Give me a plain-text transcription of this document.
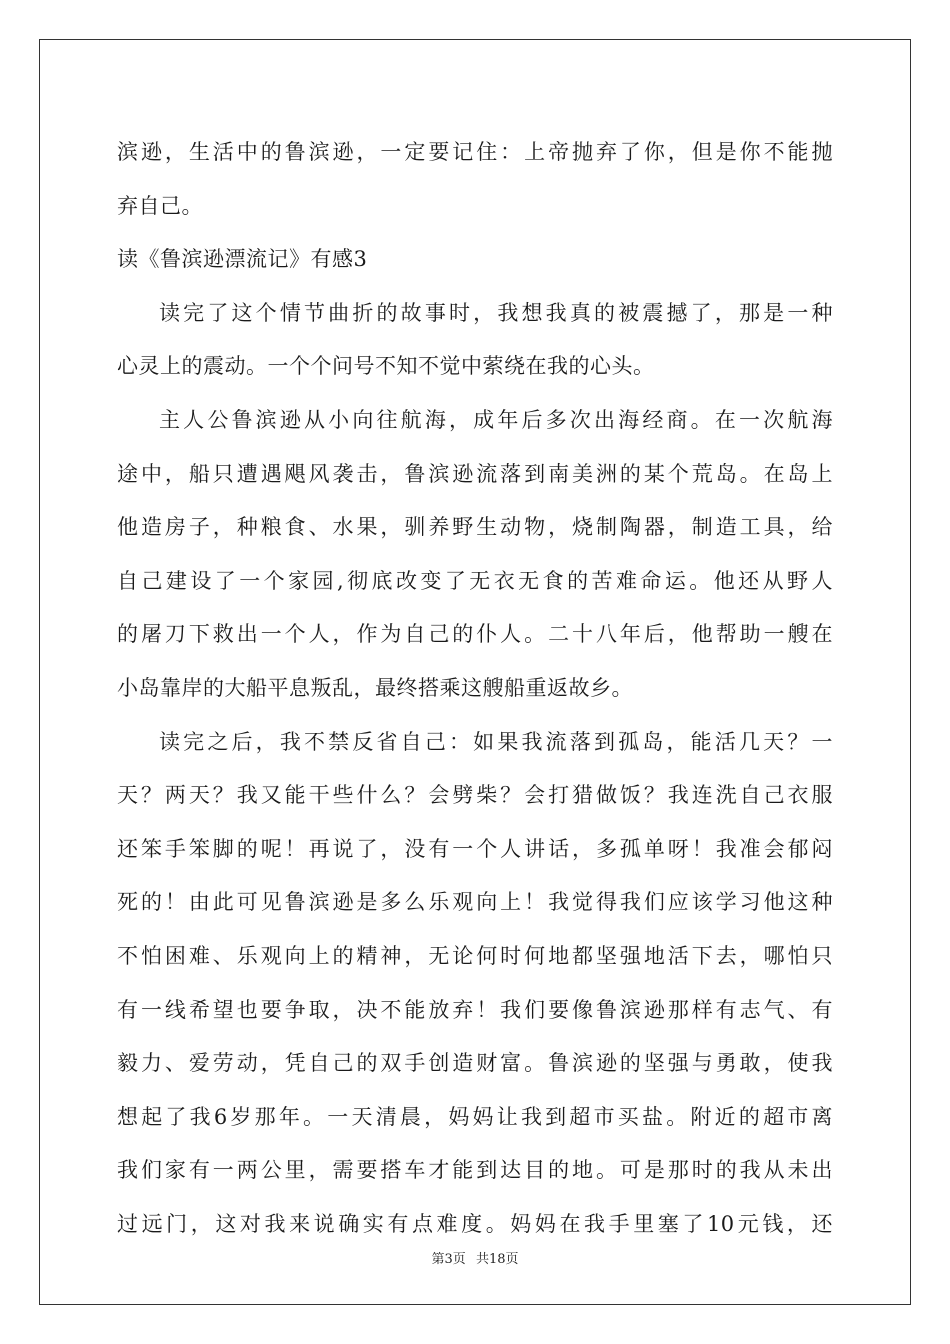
滨逊，生活中的鲁滨逊，一定要记住：上帝抛弃了你，但是你不能抛
弃自己。
读《鲁滨逊漂流记》有感3
读完了这个情节曲折的故事时，我想我真的被震撼了，那是一种
心灵上的震动。一个个问号不知不觉中萦绕在我的心头。
主人公鲁滨逊从小向往航海，成年后多次出海经商。在一次航海
途中，船只遭遇飓风袭击，鲁滨逊流落到南美洲的某个荒岛。在岛上
他造房子，种粮食、水果，驯养野生动物，烧制陶器，制造工具，给
自己建设了一个家园,彻底改变了无衣无食的苦难命运。他还从野人
的屠刀下救出一个人，作为自己的仆人。二十八年后，他帮助一艘在
小岛靠岸的大船平息叛乱，最终搭乘这艘船重返故乡。
读完之后，我不禁反省自己：如果我流落到孤岛，能活几天？一
天？两天？我又能干些什么？会劈柴？会打猎做饭？我连洗自己衣服
还笨手笨脚的呢！再说了，没有一个人讲话，多孤单呀！我准会郁闷
死的！由此可见鲁滨逊是多么乐观向上！我觉得我们应该学习他这种
不怕困难、乐观向上的精神，无论何时何地都坚强地活下去，哪怕只
有一线希望也要争取，决不能放弃！我们要像鲁滨逊那样有志气、有
毅力、爱劳动，凭自己的双手创造财富。鲁滨逊的坚强与勇敢，使我
想起了我6岁那年。一天清晨，妈妈让我到超市买盐。附近的超市离
我们家有一两公里，需要搭车才能到达目的地。可是那时的我从未出
过远门，这对我来说确实有点难度。妈妈在我手里塞了10元钱，还
第3页 共18页
